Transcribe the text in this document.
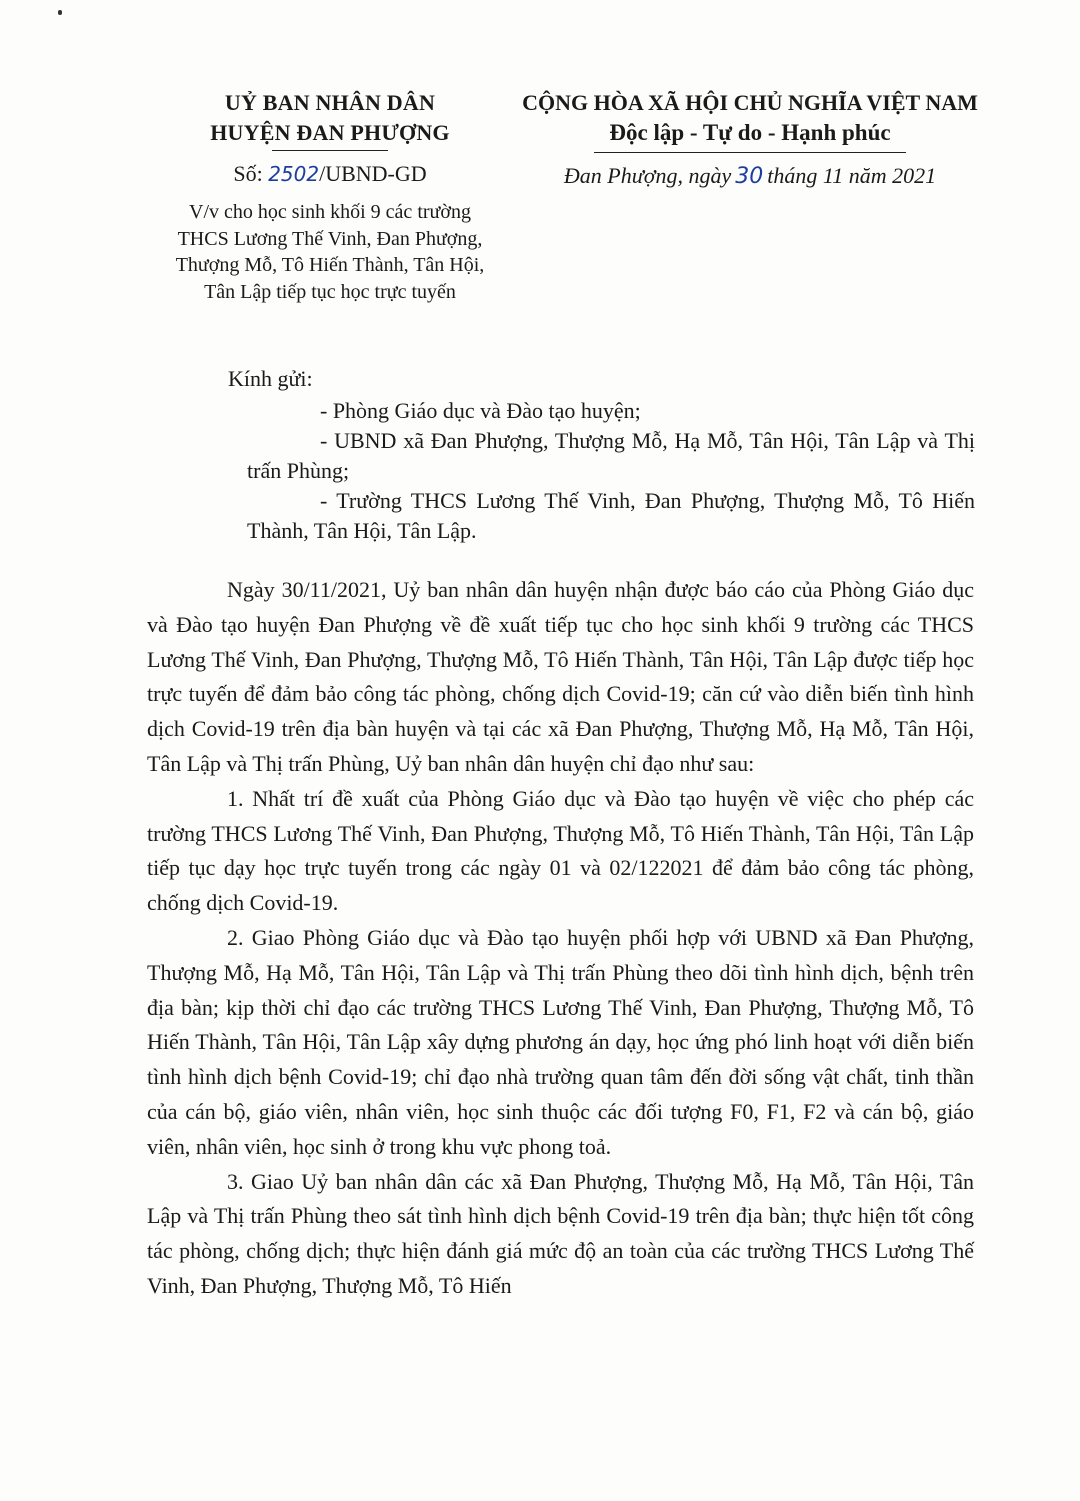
UỶ BAN NHÂN DÂN
HUYỆN ĐAN PHƯỢNG
Số: 2502/UBND-GD
V/v cho học sinh khối 9 các trường THCS Lương Thế Vinh, Đan Phượng, Thượng Mỗ, Tô Hiến Thành, Tân Hội, Tân Lập tiếp tục học trực tuyến
CỘNG HÒA XÃ HỘI CHỦ NGHĨA VIỆT NAM
Độc lập - Tự do - Hạnh phúc
Đan Phượng, ngày 30 tháng 11 năm 2021
Kính gửi:
- Phòng Giáo dục và Đào tạo huyện;
- UBND xã Đan Phượng, Thượng Mỗ, Hạ Mỗ, Tân Hội, Tân Lập và Thị trấn Phùng;
- Trường THCS Lương Thế Vinh, Đan Phượng, Thượng Mỗ, Tô Hiến Thành, Tân Hội, Tân Lập.

Ngày 30/11/2021, Uỷ ban nhân dân huyện nhận được báo cáo của Phòng Giáo dục và Đào tạo huyện Đan Phượng về đề xuất tiếp tục cho học sinh khối 9 trường các THCS Lương Thế Vinh, Đan Phượng, Thượng Mỗ, Tô Hiến Thành, Tân Hội, Tân Lập được tiếp học trực tuyến để đảm bảo công tác phòng, chống dịch Covid-19; căn cứ vào diễn biến tình hình dịch Covid-19 trên địa bàn huyện và tại các xã Đan Phượng, Thượng Mỗ, Hạ Mỗ, Tân Hội, Tân Lập và Thị trấn Phùng, Uỷ ban nhân dân huyện chỉ đạo như sau:

1. Nhất trí đề xuất của Phòng Giáo dục và Đào tạo huyện về việc cho phép các trường THCS Lương Thế Vinh, Đan Phượng, Thượng Mỗ, Tô Hiến Thành, Tân Hội, Tân Lập tiếp tục dạy học trực tuyến trong các ngày 01 và 02/122021 để đảm bảo công tác phòng, chống dịch Covid-19.

2. Giao Phòng Giáo dục và Đào tạo huyện phối hợp với UBND xã Đan Phượng, Thượng Mỗ, Hạ Mỗ, Tân Hội, Tân Lập và Thị trấn Phùng theo dõi tình hình dịch, bệnh trên địa bàn; kịp thời chỉ đạo các trường THCS Lương Thế Vinh, Đan Phượng, Thượng Mỗ, Tô Hiến Thành, Tân Hội, Tân Lập xây dựng phương án dạy, học ứng phó linh hoạt với diễn biến tình hình dịch bệnh Covid-19; chỉ đạo nhà trường quan tâm đến đời sống vật chất, tinh thần của cán bộ, giáo viên, nhân viên, học sinh thuộc các đối tượng F0, F1, F2 và cán bộ, giáo viên, nhân viên, học sinh ở trong khu vực phong toả.

3. Giao Uỷ ban nhân dân các xã Đan Phượng, Thượng Mỗ, Hạ Mỗ, Tân Hội, Tân Lập và Thị trấn Phùng theo sát tình hình dịch bệnh Covid-19 trên địa bàn; thực hiện tốt công tác phòng, chống dịch; thực hiện đánh giá mức độ an toàn của các trường THCS Lương Thế Vinh, Đan Phượng, Thượng Mỗ, Tô Hiến
